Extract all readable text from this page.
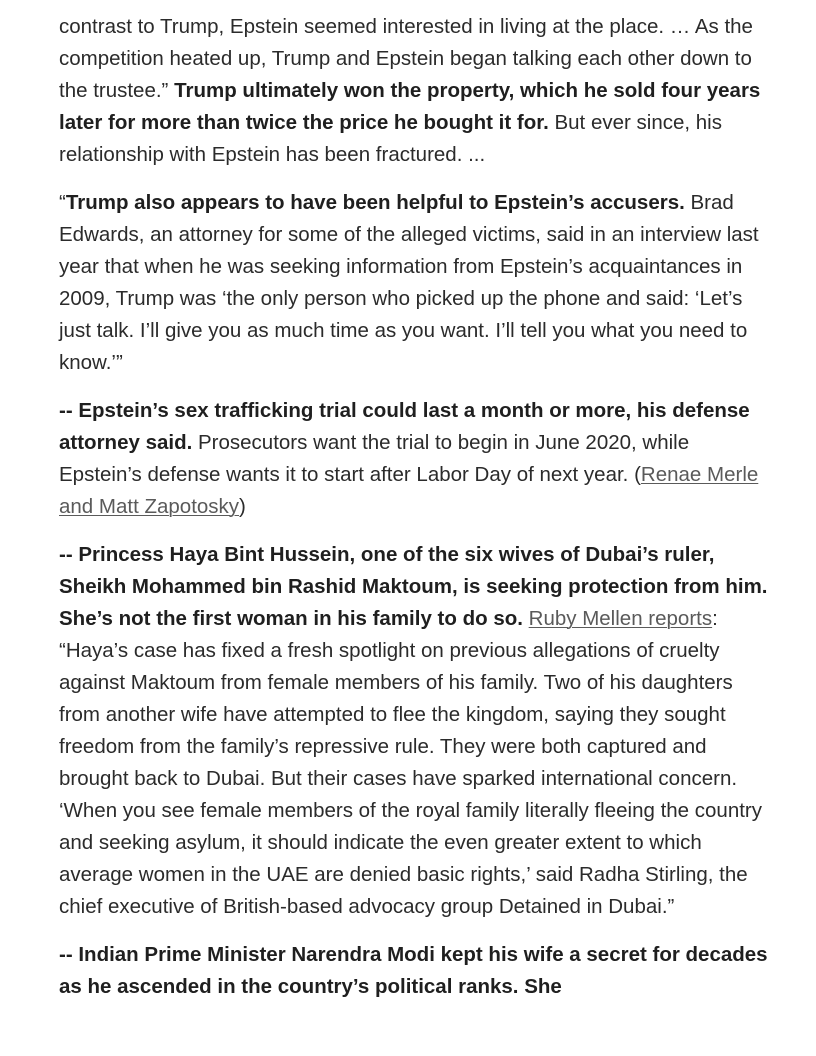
contrast to Trump, Epstein seemed interested in living at the place. … As the competition heated up, Trump and Epstein began talking each other down to the trustee.” Trump ultimately won the property, which he sold four years later for more than twice the price he bought it for. But ever since, his relationship with Epstein has been fractured. ...

“Trump also appears to have been helpful to Epstein’s accusers. Brad Edwards, an attorney for some of the alleged victims, said in an interview last year that when he was seeking information from Epstein’s acquaintances in 2009, Trump was ‘the only person who picked up the phone and said: ‘Let’s just talk. I’ll give you as much time as you want. I’ll tell you what you need to know.’”

-- Epstein’s sex trafficking trial could last a month or more, his defense attorney said. Prosecutors want the trial to begin in June 2020, while Epstein’s defense wants it to start after Labor Day of next year. (Renae Merle and Matt Zapotosky)

-- Princess Haya Bint Hussein, one of the six wives of Dubai’s ruler, Sheikh Mohammed bin Rashid Maktoum, is seeking protection from him. She’s not the first woman in his family to do so. Ruby Mellen reports: “Haya’s case has fixed a fresh spotlight on previous allegations of cruelty against Maktoum from female members of his family. Two of his daughters from another wife have attempted to flee the kingdom, saying they sought freedom from the family’s repressive rule. They were both captured and brought back to Dubai. But their cases have sparked international concern. ‘When you see female members of the royal family literally fleeing the country and seeking asylum, it should indicate the even greater extent to which average women in the UAE are denied basic rights,’ said Radha Stirling, the chief executive of British-based advocacy group Detained in Dubai.”

-- Indian Prime Minister Narendra Modi kept his wife a secret for decades as he ascended in the country’s political ranks. She
